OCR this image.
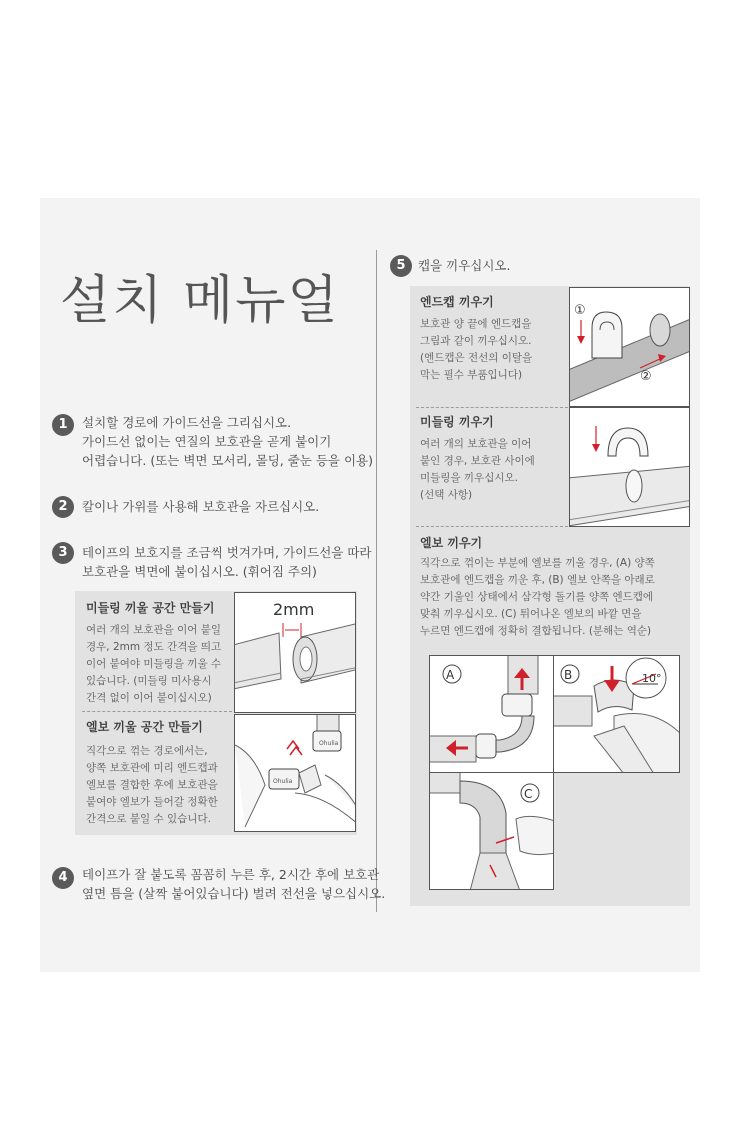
설치 메뉴얼
1	설치할 경로에 가이드선을 그리십시오.
가이드선 없이는 연질의 보호관을 곧게 붙이기
어렵습니다. (또는 벽면 모서리, 몰딩, 줄눈 등을 이용)
2	칼이나 가위를 사용해 보호관을 자르십시오.
3	테이프의 보호지를 조금씩 벗겨가며, 가이드선을 따라
보호관을 벽면에 붙이십시오. (휘어짐 주의)
미들링 끼울 공간 만들기
여러 개의 보호관을 이어 붙일
경우, 2mm 정도 간격을 띄고
이어 붙여야 미들링을 끼울 수
있습니다. (미들링 미사용시
간격 없이 이어 붙이십시오)
엘보 끼울 공간 만들기
직각으로 꺾는 경로에서는,
양쪽 보호관에 미리 엔드캡과
엘보를 결합한 후에 보호관을
붙여야 엘보가 들어갈 정확한
간격으로 붙일 수 있습니다.
2mm
Ohulia
Ohulia
4	테이프가 잘 붙도록 꼼꼼히 누른 후, 2시간 후에 보호관
옆면 틈을 (살짝 붙어있습니다) 벌려 전선을 넣으십시오.
5 캡을 끼우십시오.
엔드캡 끼우기
보호관 양 끝에 엔드캡을
그림과 같이 끼우십시오.
(엔드캡은 전선의 이탈을
막는 필수 부품입니다)
①
②
미들링 끼우기
여러 개의 보호관을 이어
붙인 경우, 보호관 사이에
미들링을 끼우십시오.
(선택 사항)
엘보 끼우기
직각으로 꺾이는 부분에 엘보를 끼울 경우, (A) 양쪽
보호관에 엔드캡을 끼운 후, (B) 엘보 안쪽을 아래로
약간 기울인 상태에서 삼각형 돌기를 양쪽 엔드캡에
맞춰 끼우십시오. (C) 튀어나온 엘보의 바깥 면을
누르면 엔드캡에 정확히 결합됩니다. (분해는 역순)
A	B	10°
C
